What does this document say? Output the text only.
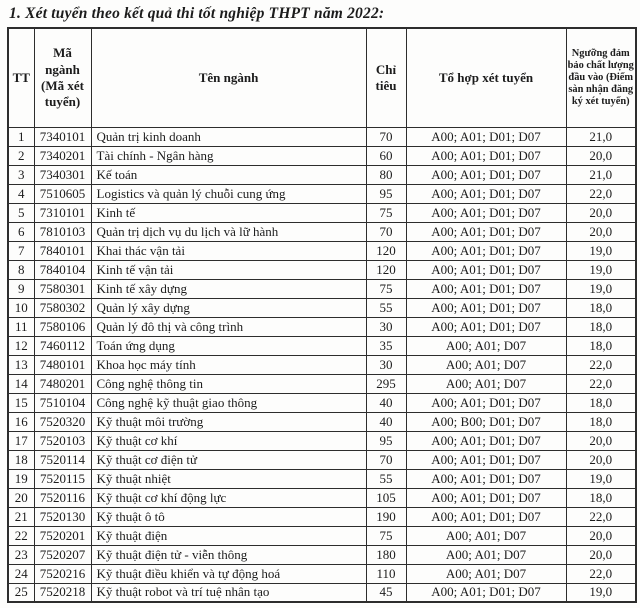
1. Xét tuyển theo kết quả thi tốt nghiệp THPT năm 2022:
TT	Mã ngành (Mã xét tuyển)	Tên ngành	Chỉ tiêu	Tổ hợp xét tuyển	Ngưỡng đảm bảo chất lượng đầu vào (Điểm sàn nhận đăng ký xét tuyển)
1	7340101	Quản trị kinh doanh	70	A00; A01; D01; D07	21,0
2	7340201	Tài chính - Ngân hàng	60	A00; A01; D01; D07	20,0
3	7340301	Kế toán	80	A00; A01; D01; D07	21,0
4	7510605	Logistics và quản lý chuỗi cung ứng	95	A00; A01; D01; D07	22,0
5	7310101	Kinh tế	75	A00; A01; D01; D07	20,0
6	7810103	Quản trị dịch vụ du lịch và lữ hành	70	A00; A01; D01; D07	20,0
7	7840101	Khai thác vận tải	120	A00; A01; D01; D07	19,0
8	7840104	Kinh tế vận tải	120	A00; A01; D01; D07	19,0
9	7580301	Kinh tế xây dựng	75	A00; A01; D01; D07	19,0
10	7580302	Quản lý xây dựng	55	A00; A01; D01; D07	18,0
11	7580106	Quản lý đô thị và công trình	30	A00; A01; D01; D07	18,0
12	7460112	Toán ứng dụng	35	A00; A01; D07	18,0
13	7480101	Khoa học máy tính	30	A00; A01; D07	22,0
14	7480201	Công nghệ thông tin	295	A00; A01; D07	22,0
15	7510104	Công nghệ kỹ thuật giao thông	40	A00; A01; D01; D07	18,0
16	7520320	Kỹ thuật môi trường	40	A00; B00; D01; D07	18,0
17	7520103	Kỹ thuật cơ khí	95	A00; A01; D01; D07	20,0
18	7520114	Kỹ thuật cơ điện tử	70	A00; A01; D01; D07	20,0
19	7520115	Kỹ thuật nhiệt	55	A00; A01; D01; D07	19,0
20	7520116	Kỹ thuật cơ khí động lực	105	A00; A01; D01; D07	18,0
21	7520130	Kỹ thuật ô tô	190	A00; A01; D01; D07	22,0
22	7520201	Kỹ thuật điện	75	A00; A01; D07	20,0
23	7520207	Kỹ thuật điện tử - viễn thông	180	A00; A01; D07	20,0
24	7520216	Kỹ thuật điều khiển và tự động hoá	110	A00; A01; D07	22,0
25	7520218	Kỹ thuật robot và trí tuệ nhân tạo	45	A00; A01; D01; D07	19,0
